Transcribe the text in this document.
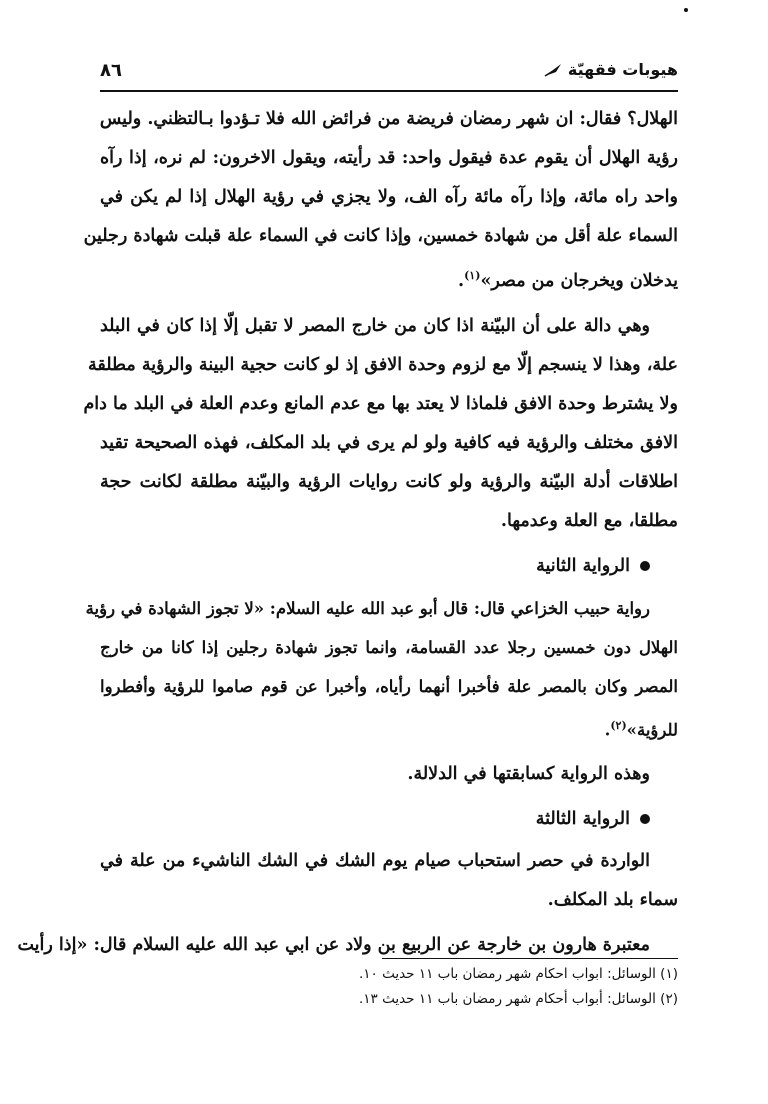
٨٦	هيوبات فقهيّة
الهلال؟ فقال: ان شهر رمضان فريضة من فرائض الله فلا تـؤدوا بـالتظني. وليس
رؤية الهلال أن يقوم عدة فيقول واحد: قد رأيته، ويقول الاخرون: لم نره، إذا رآه
واحد راه مائة، وإذا رآه مائة رآه الف، ولا يجزي في رؤية الهلال إذا لم يكن في
السماء علة أقل من شهادة خمسين، وإذا كانت في السماء علة قبلت شهادة رجلين
يدخلان ويخرجان من مصر»$^{(١)}$.
وهي دالة على أن البيّنة اذا كان من خارج المصر لا تقبل إلّا إذا كان في البلد
علة، وهذا لا ينسجم إلّا مع لزوم وحدة الافق إذ لو كانت حجية البينة والرؤية مطلقة
ولا يشترط وحدة الافق فلماذا لا يعتد بها مع عدم المانع وعدم العلة في البلد ما دام
الافق مختلف والرؤية فيه كافية ولو لم يرى في بلد المكلف، فهذه الصحيحة تقيد
اطلاقات أدلة البيّنة والرؤية ولو كانت روايات الرؤية والبيّنة مطلقة لكانت حجة
مطلقا، مع العلة وعدمها.
الرواية الثانية
رواية حبيب الخزاعي قال: قال أبو عبد الله عليه السلام: «لا تجوز الشهادة في رؤية
الهلال دون خمسين رجلا عدد القسامة، وانما تجوز شهادة رجلين إذا كانا من خارج
المصر وكان بالمصر علة فأخبرا أنهما رأياه، وأخبرا عن قوم صاموا للرؤية وأفطروا
للرؤية»$^{(٢)}$.
وهذه الرواية كسابقتها في الدلالة.
الرواية الثالثة
الواردة في حصر استحباب صيام يوم الشك في الشك الناشيء من علة في
سماء بلد المكلف.
معتبرة هارون بن خارجة عن الربيع بن ولاد عن ابي عبد الله عليه السلام قال: «إذا رأيت
(١) الوسائل: ابواب احكام شهر رمضان باب ١١ حديث ١٠.
(٢) الوسائل: أبواب أحكام شهر رمضان باب ١١ حديث ١٣.
